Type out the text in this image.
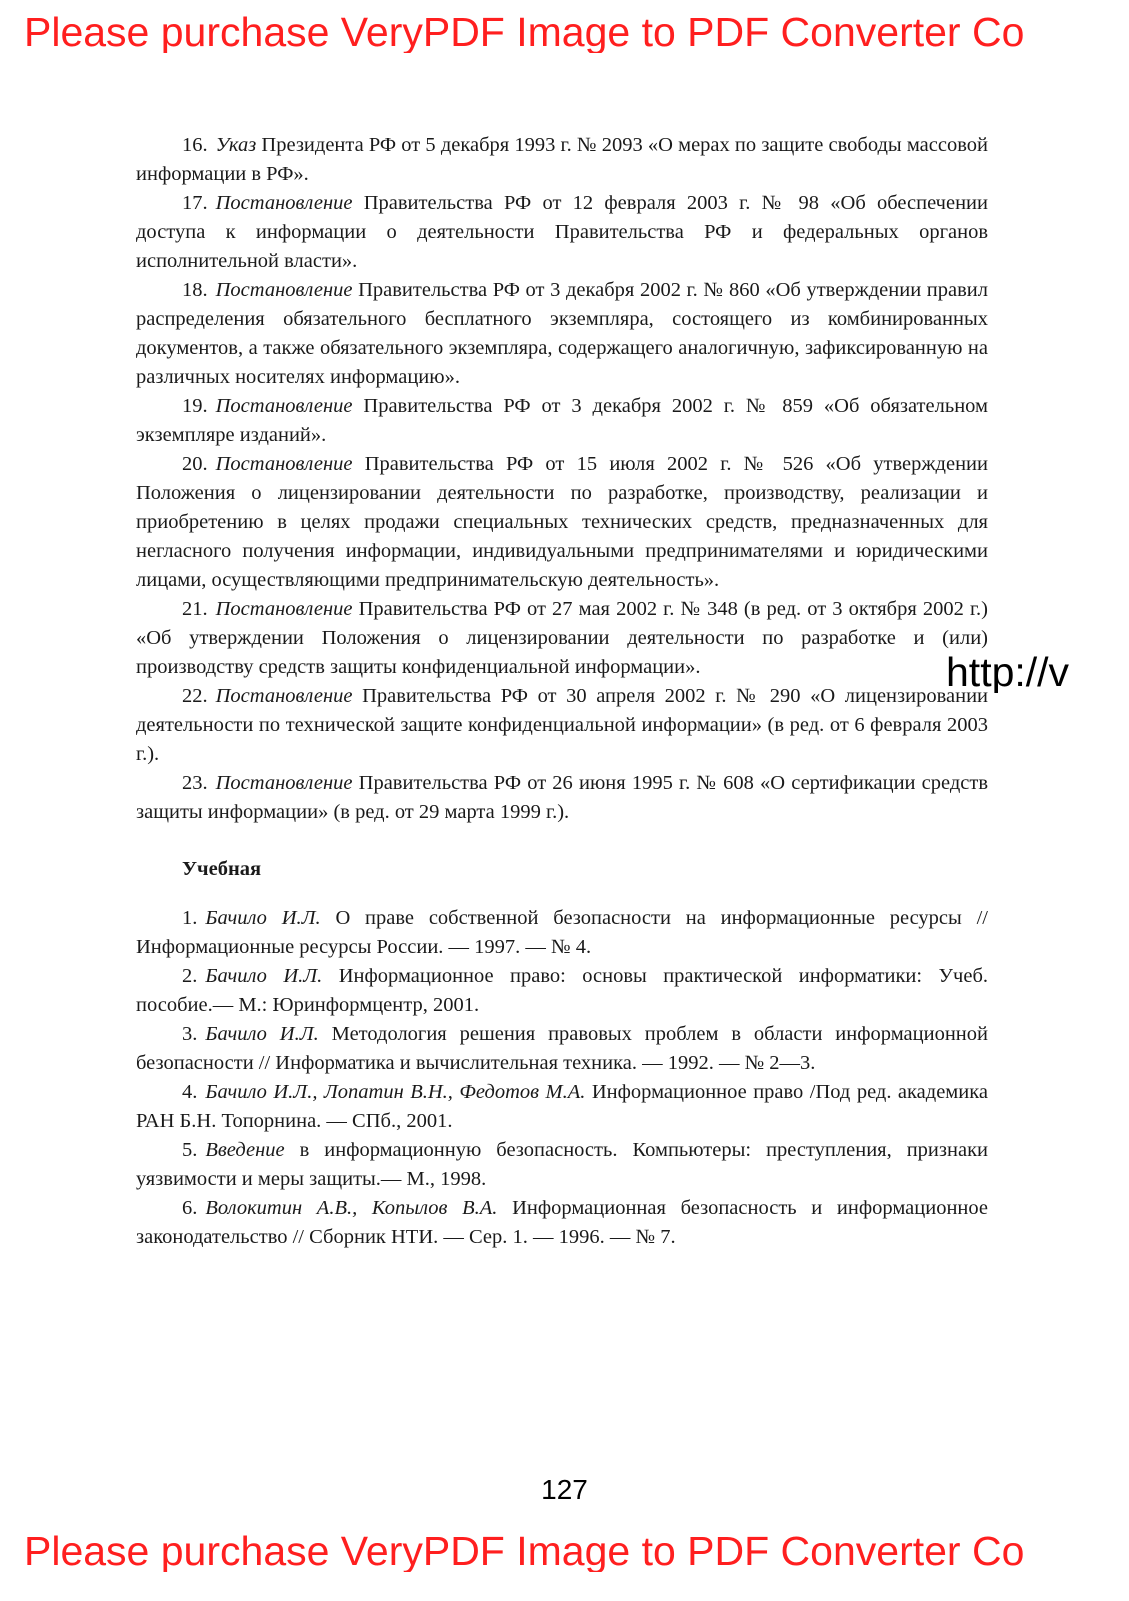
Please purchase VeryPDF Image to PDF Converter Co

16. Указ Президента РФ от 5 декабря 1993 г. № 2093 «О мерах по защите свободы массовой информации в РФ».

17. Постановление Правительства РФ от 12 февраля 2003 г. № 98 «Об обеспечении доступа к информации о деятельности Правительства РФ и федеральных органов исполнительной власти».

18. Постановление Правительства РФ от 3 декабря 2002 г. № 860 «Об утверждении правил распределения обязательного бесплатного экземпляра, состоящего из комбинированных документов, а также обязательного экземпляра, содержащего аналогичную, зафиксированную на различных носителях информацию».

19. Постановление Правительства РФ от 3 декабря 2002 г. № 859 «Об обязательном экземпляре изданий».

20. Постановление Правительства РФ от 15 июля 2002 г. № 526 «Об утверждении Положения о лицензировании деятельности по разработке, производству, реализации и приобретению в целях продажи специальных технических средств, предназначенных для негласного получения информации, индивидуальными предпринимателями и юридическими лицами, осуществляющими предпринимательскую деятельность».

21. Постановление Правительства РФ от 27 мая 2002 г. № 348 (в ред. от 3 октября 2002 г.) «Об утверждении Положения о лицензировании деятельности по разработке и (или) производству средств защиты конфиденциальной информации».

22. Постановление Правительства РФ от 30 апреля 2002 г. № 290 «О лицензировании деятельности по технической защите конфиденциальной информации» (в ред. от 6 февраля 2003 г.).

23. Постановление Правительства РФ от 26 июня 1995 г. № 608 «О сертификации средств защиты информации» (в ред. от 29 марта 1999 г.).

Учебная

1. Бачило И.Л. О праве собственной безопасности на информационные ресурсы // Информационные ресурсы России. — 1997. — № 4.

2. Бачило И.Л. Информационное право: основы практической информатики: Учеб. пособие.— М.: Юринформцентр, 2001.

3. Бачило И.Л. Методология решения правовых проблем в области информационной безопасности // Информатика и вычислительная техника. — 1992. — № 2—3.

4. Бачило И.Л., Лопатин В.Н., Федотов М.А. Информационное право /Под ред. академика РАН Б.Н. Топорнина. — СПб., 2001.

5. Введение в информационную безопасность. Компьютеры: преступления, признаки уязвимости и меры защиты.— М., 1998.

6. Волокитин А.В., Копылов В.А. Информационная безопасность и информационное законодательство // Сборник НТИ. — Сер. 1. — 1996. — № 7.

http://v
127
Please purchase VeryPDF Image to PDF Converter Co
